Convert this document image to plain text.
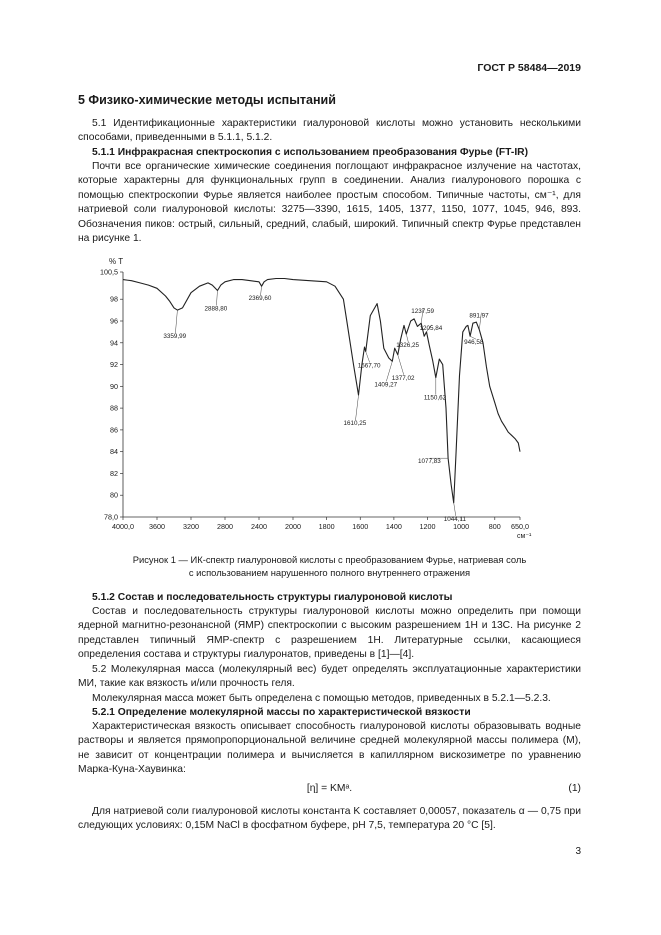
ГОСТ Р 58484—2019
5 Физико-химические методы испытаний
5.1 Идентификационные характеристики гиалуроновой кислоты можно установить несколькими способами, приведенными в 5.1.1, 5.1.2.
5.1.1 Инфракрасная спектроскопия с использованием преобразования Фурье (FT-IR)
Почти все органические химические соединения поглощают инфракрасное излучение на частотах, которые характерны для функциональных групп в соединении. Анализ гиалуронового порошка с помощью спектроскопии Фурье является наиболее простым способом. Типичные частоты, см⁻¹, для натриевой соли гиалуроновой кислоты: 3275—3390, 1615, 1405, 1377, 1150, 1077, 1045, 946, 893. Обозначения пиков: острый, сильный, средний, слабый, широкий. Типичный спектр Фурье представлен на рисунке 1.
% T
100,5
98
96
94
92
90
88
86
84
82
80
78,0
4000,0 3600	3200	2800	2400	2000 1800 1600 1400 1200 1000	800 650,0
см⁻¹
3359,99
2888,80
2369,60
1610,25
1567,70
1409,27
1377,02
1326,25
1237,59
1205,84
1150,62
1077,83
1044,11
946,58
891,97
Рисунок 1 — ИК-спектр гиалуроновой кислоты с преобразованием Фурье, натриевая соль
с использованием нарушенного полного внутреннего отражения
5.1.2 Состав и последовательность структуры гиалуроновой кислоты
Состав и последовательность структуры гиалуроновой кислоты можно определить при помощи ядерной магнитно-резонансной (ЯМР) спектроскопии с высоким разрешением 1H и 13C. На рисунке 2 представлен типичный ЯМР-спектр с разрешением 1H. Литературные ссылки, касающиеся определения состава и структуры гиалуронатов, приведены в [1]—[4].
5.2 Молекулярная масса (молекулярный вес) будет определять эксплуатационные характеристики МИ, такие как вязкость и/или прочность геля.
Молекулярная масса может быть определена с помощью методов, приведенных в 5.2.1—5.2.3.
5.2.1 Определение молекулярной массы по характеристической вязкости
Характеристическая вязкость описывает способность гиалуроновой кислоты образовывать водные растворы и является прямопропорциональной величине средней молекулярной массы полимера (M), не зависит от концентрации полимера и вычисляется в капиллярном вискозиметре по уравнению Марка-Куна-Хаувинка:
[η] = KMᵃ.	(1)
Для натриевой соли гиалуроновой кислоты константа K составляет 0,00057, показатель α — 0,75 при следующих условиях: 0,15М NaCl в фосфатном буфере, pH 7,5, температура 20 °С [5].
3
